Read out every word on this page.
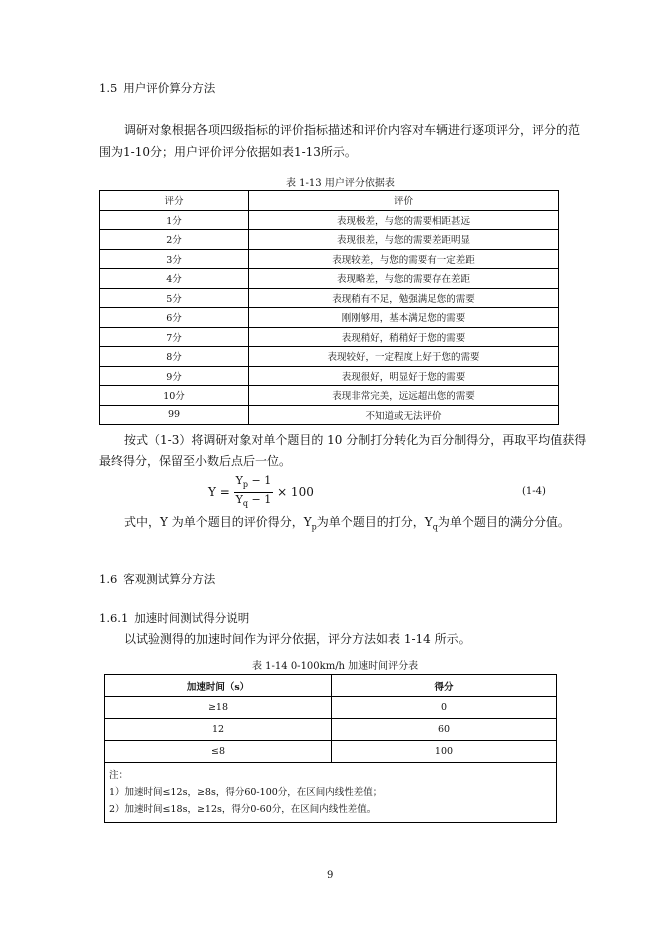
1.5 用户评价算分方法
调研对象根据各项四级指标的评价指标描述和评价内容对车辆进行逐项评分，评分的范
围为1-10分；用户评价评分依据如表1-13所示。
表 1-13 用户评分依据表
评分	评价
1分	表现极差，与您的需要相距甚远
2分	表现很差，与您的需要差距明显
3分	表现较差，与您的需要有一定差距
4分	表现略差，与您的需要存在差距
5分	表现稍有不足，勉强满足您的需要
6分	刚刚够用，基本满足您的需要
7分	表现稍好，稍稍好于您的需要
8分	表现较好，一定程度上好于您的需要
9分	表现很好，明显好于您的需要
10分	表现非常完美，远远超出您的需要
99	不知道或无法评价
按式（1-3）将调研对象对单个题目的 10 分制打分转化为百分制得分，再取平均值获得
最终得分，保留至小数后点后一位。
$Y = \frac{Y_p - 1}{Y_q - 1} \times 100$	(1-4)
式中，Y 为单个题目的评价得分，$Y_p$为单个题目的打分，$Y_q$为单个题目的满分分值。
1.6 客观测试算分方法
1.6.1 加速时间测试得分说明
以试验测得的加速时间作为评分依据，评分方法如表 1-14 所示。
表 1-14 0-100km/h 加速时间评分表
加速时间（s）	得分
≥18	0
12	60
≤8	100

注：
1）加速时间≤12s，≥8s，得分60-100分，在区间内线性差值；
2）加速时间≤18s，≥12s，得分0-60分，在区间内线性差值。	
9
